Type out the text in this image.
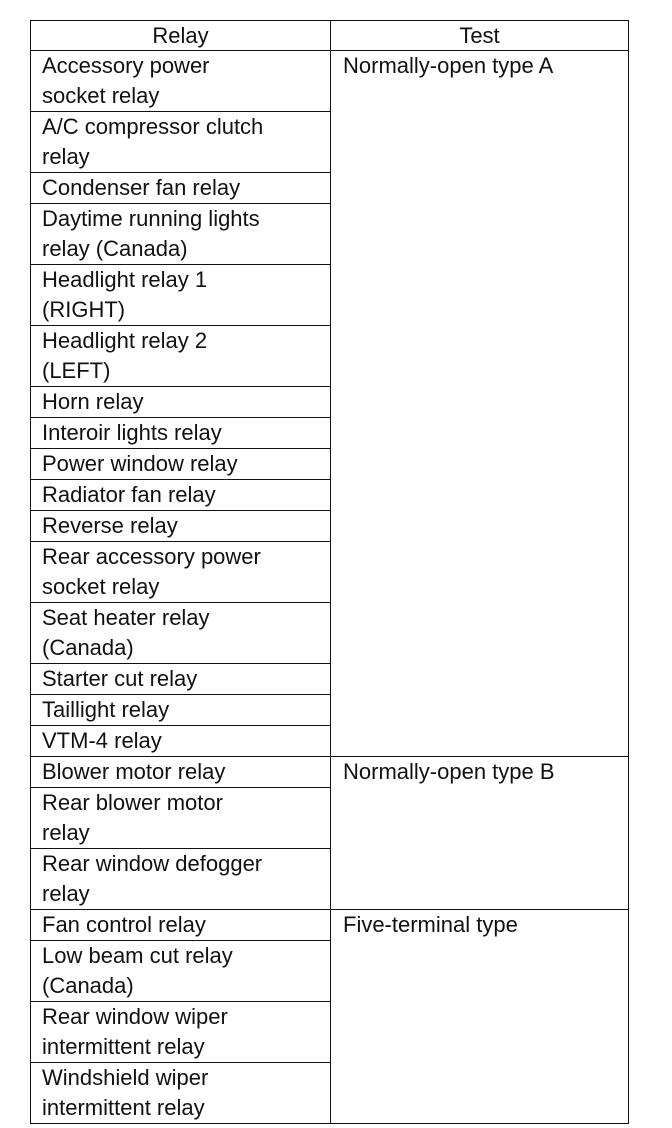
Relay	Test

Accessory power
socket relay	Normally-open type A

A/C compressor clutch
relay	

Condenser fan relay	

Daytime running lights
relay (Canada)	

Headlight relay 1
(RIGHT)	

Headlight relay 2
(LEFT)	

Horn relay	

Interoir lights relay	

Power window relay	

Radiator fan relay	

Reverse relay	

Rear accessory power
socket relay	

Seat heater relay
(Canada)	

Starter cut relay	

Taillight relay	

VTM-4 relay	

Blower motor relay	Normally-open type B

Rear blower motor
relay	

Rear window defogger
relay	

Fan control relay	Five-terminal type

Low beam cut relay
(Canada)	

Rear window wiper
intermittent relay	

Windshield wiper
intermittent relay	
